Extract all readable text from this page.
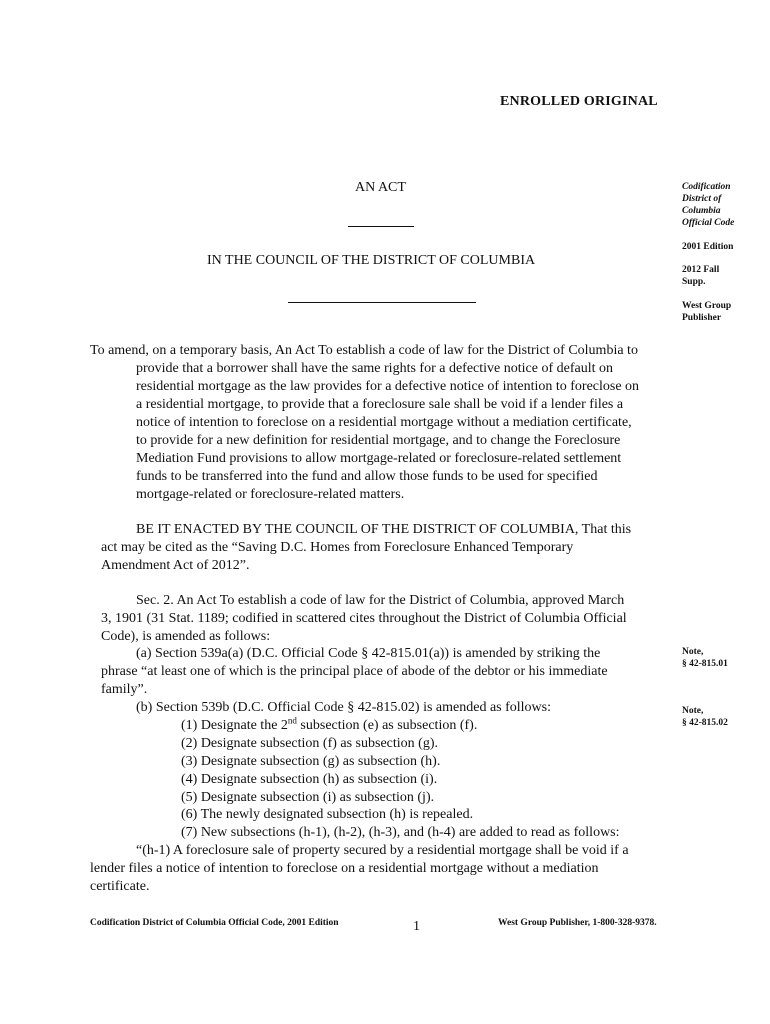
ENROLLED ORIGINAL
AN ACT
IN THE COUNCIL OF THE DISTRICT OF COLUMBIA
Codification
District of
Columbia
Official Code
2001 Edition
2012 Fall
Supp.
West Group
Publisher
Note,
§ 42-815.01
Note,
§ 42-815.02
To amend, on a temporary basis, An Act To establish a code of law for the District of Columbia to
provide that a borrower shall have the same rights for a defective notice of default on
residential mortgage as the law provides for a defective notice of intention to foreclose on
a residential mortgage, to provide that a foreclosure sale shall be void if a lender files a
notice of intention to foreclose on a residential mortgage without a mediation certificate,
to provide for a new definition for residential mortgage, and to change the Foreclosure
Mediation Fund provisions to allow mortgage-related or foreclosure-related settlement
funds to be transferred into the fund and allow those funds to be used for specified
mortgage-related or foreclosure-related matters.
BE IT ENACTED BY THE COUNCIL OF THE DISTRICT OF COLUMBIA, That this
act may be cited as the “Saving D.C. Homes from Foreclosure Enhanced Temporary
Amendment Act of 2012”.
Sec. 2. An Act To establish a code of law for the District of Columbia, approved March
3, 1901 (31 Stat. 1189; codified in scattered cites throughout the District of Columbia Official
Code), is amended as follows:
(a) Section 539a(a) (D.C. Official Code § 42-815.01(a)) is amended by striking the
phrase “at least one of which is the principal place of abode of the debtor or his immediate
family”.
(b) Section 539b (D.C. Official Code § 42-815.02) is amended as follows:
(1) Designate the 2nd subsection (e) as subsection (f).
(2) Designate subsection (f) as subsection (g).
(3) Designate subsection (g) as subsection (h).
(4) Designate subsection (h) as subsection (i).
(5) Designate subsection (i) as subsection (j).
(6) The newly designated subsection (h) is repealed.
(7) New subsections (h-1), (h-2), (h-3), and (h-4) are added to read as follows:
“(h-1) A foreclosure sale of property secured by a residential mortgage shall be void if a
lender files a notice of intention to foreclose on a residential mortgage without a mediation
certificate.
Codification District of Columbia Official Code, 2001 Edition	1	West Group Publisher, 1-800-328-9378.
